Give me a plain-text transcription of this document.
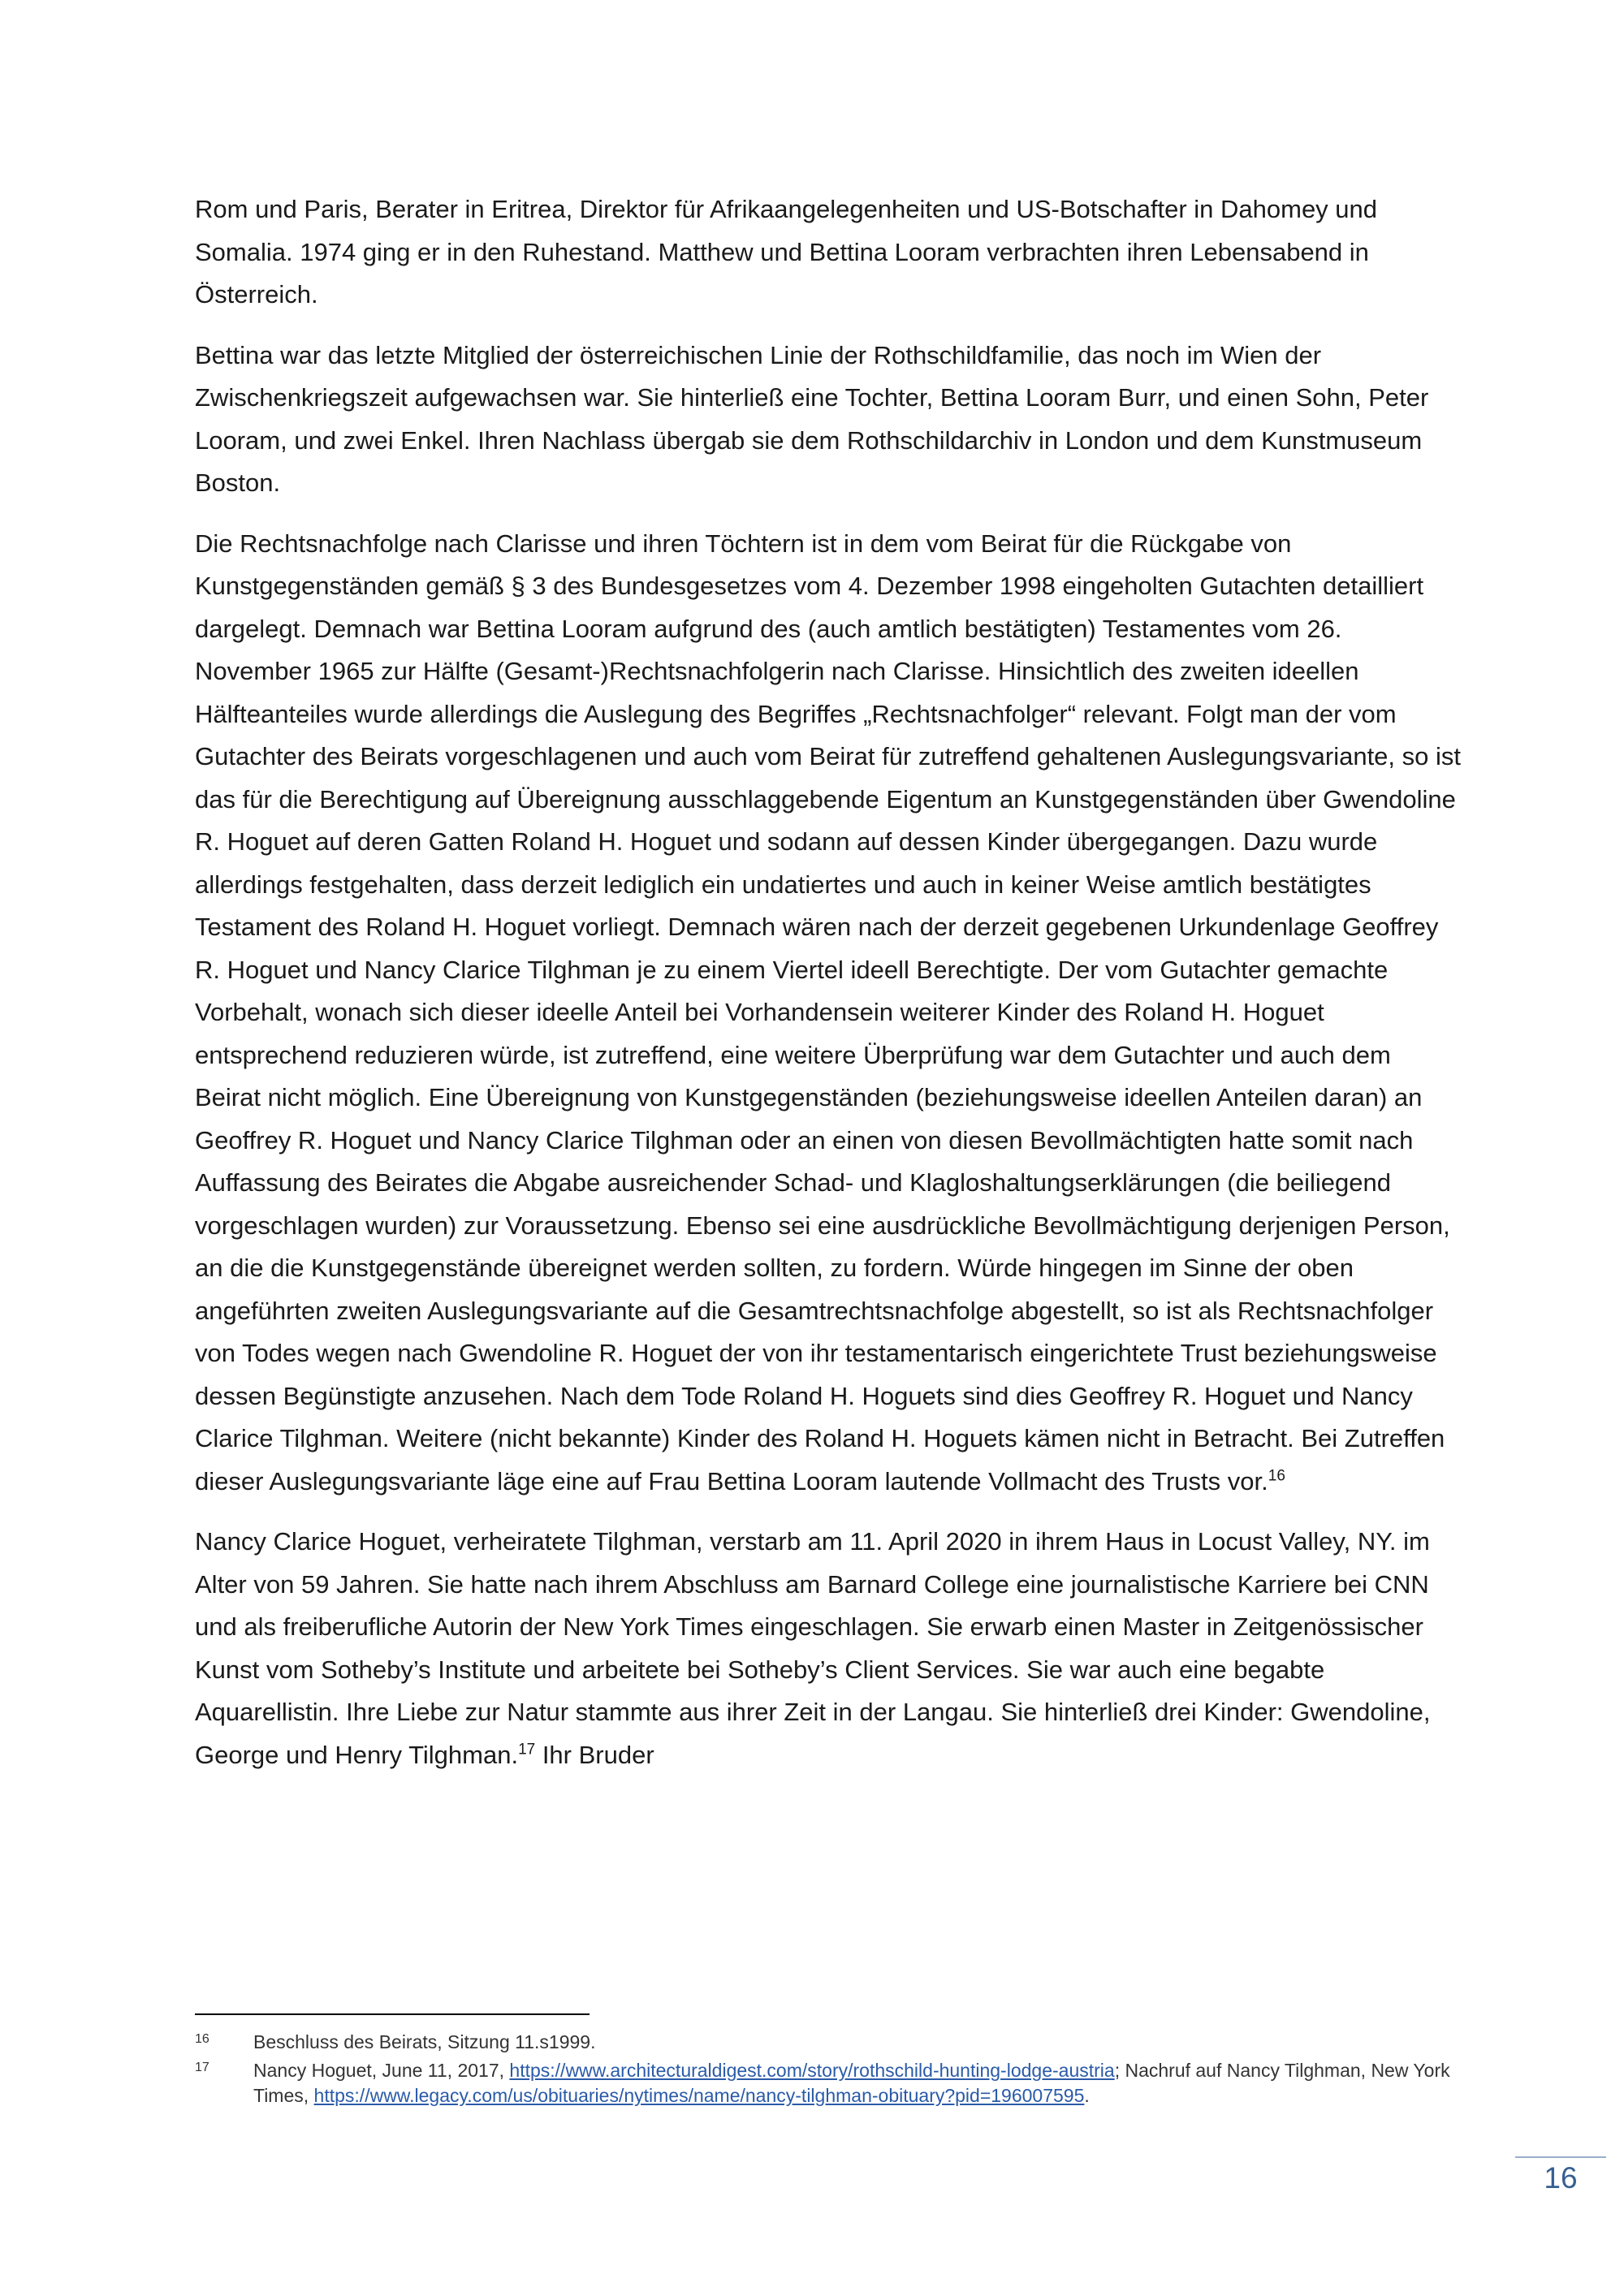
Rom und Paris, Berater in Eritrea, Direktor für Afrikaangelegenheiten und US-Botschafter in Dahomey und Somalia. 1974 ging er in den Ruhestand. Matthew und Bettina Looram verbrachten ihren Lebensabend in Österreich.

Bettina war das letzte Mitglied der österreichischen Linie der Rothschildfamilie, das noch im Wien der Zwischenkriegszeit aufgewachsen war. Sie hinterließ eine Tochter, Bettina Looram Burr, und einen Sohn, Peter Looram, und zwei Enkel. Ihren Nachlass übergab sie dem Rothschildarchiv in London und dem Kunstmuseum Boston.

Die Rechtsnachfolge nach Clarisse und ihren Töchtern ist in dem vom Beirat für die Rückgabe von Kunstgegenständen gemäß § 3 des Bundesgesetzes vom 4. Dezember 1998 eingeholten Gutachten detailliert dargelegt. Demnach war Bettina Looram aufgrund des (auch amtlich bestätigten) Testamentes vom 26. November 1965 zur Hälfte (Gesamt-)Rechtsnachfolgerin nach Clarisse. Hinsichtlich des zweiten ideellen Hälfteanteiles wurde allerdings die Auslegung des Begriffes „Rechtsnachfolger“ relevant. Folgt man der vom Gutachter des Beirats vorgeschlagenen und auch vom Beirat für zutreffend gehaltenen Auslegungsvariante, so ist das für die Berechtigung auf Übereignung ausschlaggebende Eigentum an Kunstgegenständen über Gwendoline R. Hoguet auf deren Gatten Roland H. Hoguet und sodann auf dessen Kinder übergegangen. Dazu wurde allerdings festgehalten, dass derzeit lediglich ein undatiertes und auch in keiner Weise amtlich bestätigtes Testament des Roland H. Hoguet vorliegt. Demnach wären nach der derzeit gegebenen Urkundenlage Geoffrey R. Hoguet und Nancy Clarice Tilghman je zu einem Viertel ideell Berechtigte. Der vom Gutachter gemachte Vorbehalt, wonach sich dieser ideelle Anteil bei Vorhandensein weiterer Kinder des Roland H. Hoguet entsprechend reduzieren würde, ist zutreffend, eine weitere Überprüfung war dem Gutachter und auch dem Beirat nicht möglich. Eine Übereignung von Kunstgegenständen (beziehungsweise ideellen Anteilen daran) an Geoffrey R. Hoguet und Nancy Clarice Tilghman oder an einen von diesen Bevollmächtigten hatte somit nach Auffassung des Beirates die Abgabe ausreichender Schad- und Klagloshaltungserklärungen (die beiliegend vorgeschlagen wurden) zur Voraussetzung. Ebenso sei eine ausdrückliche Bevollmächtigung derjenigen Person, an die die Kunstgegenstände übereignet werden sollten, zu fordern. Würde hingegen im Sinne der oben angeführten zweiten Auslegungsvariante auf die Gesamtrechtsnachfolge abgestellt, so ist als Rechtsnachfolger von Todes wegen nach Gwendoline R. Hoguet der von ihr testamentarisch eingerichtete Trust beziehungsweise dessen Begünstigte anzusehen. Nach dem Tode Roland H. Hoguets sind dies Geoffrey R. Hoguet und Nancy Clarice Tilghman. Weitere (nicht bekannte) Kinder des Roland H. Hoguets kämen nicht in Betracht. Bei Zutreffen dieser Auslegungsvariante läge eine auf Frau Bettina Looram lautende Vollmacht des Trusts vor.$^{16}$

Nancy Clarice Hoguet, verheiratete Tilghman, verstarb am 11. April 2020 in ihrem Haus in Locust Valley, NY. im Alter von 59 Jahren. Sie hatte nach ihrem Abschluss am Barnard College eine journalistische Karriere bei CNN und als freiberufliche Autorin der New York Times eingeschlagen. Sie erwarb einen Master in Zeitgenössischer Kunst vom Sotheby’s Institute und arbeitete bei Sotheby’s Client Services. Sie war auch eine begabte Aquarellistin. Ihre Liebe zur Natur stammte aus ihrer Zeit in der Langau. Sie hinterließ drei Kinder: Gwendoline, George und Henry Tilghman.$^{17}$ Ihr Bruder

16	Beschluss des Beirats, Sitzung 11.s1999.
17	Nancy Hoguet, June 11, 2017, https://www.architecturaldigest.com/story/rothschild-hunting-lodge-austria; Nachruf auf Nancy Tilghman, New York Times, https://www.legacy.com/us/obituaries/nytimes/name/nancy-tilghman-obituary?pid=196007595.
16
